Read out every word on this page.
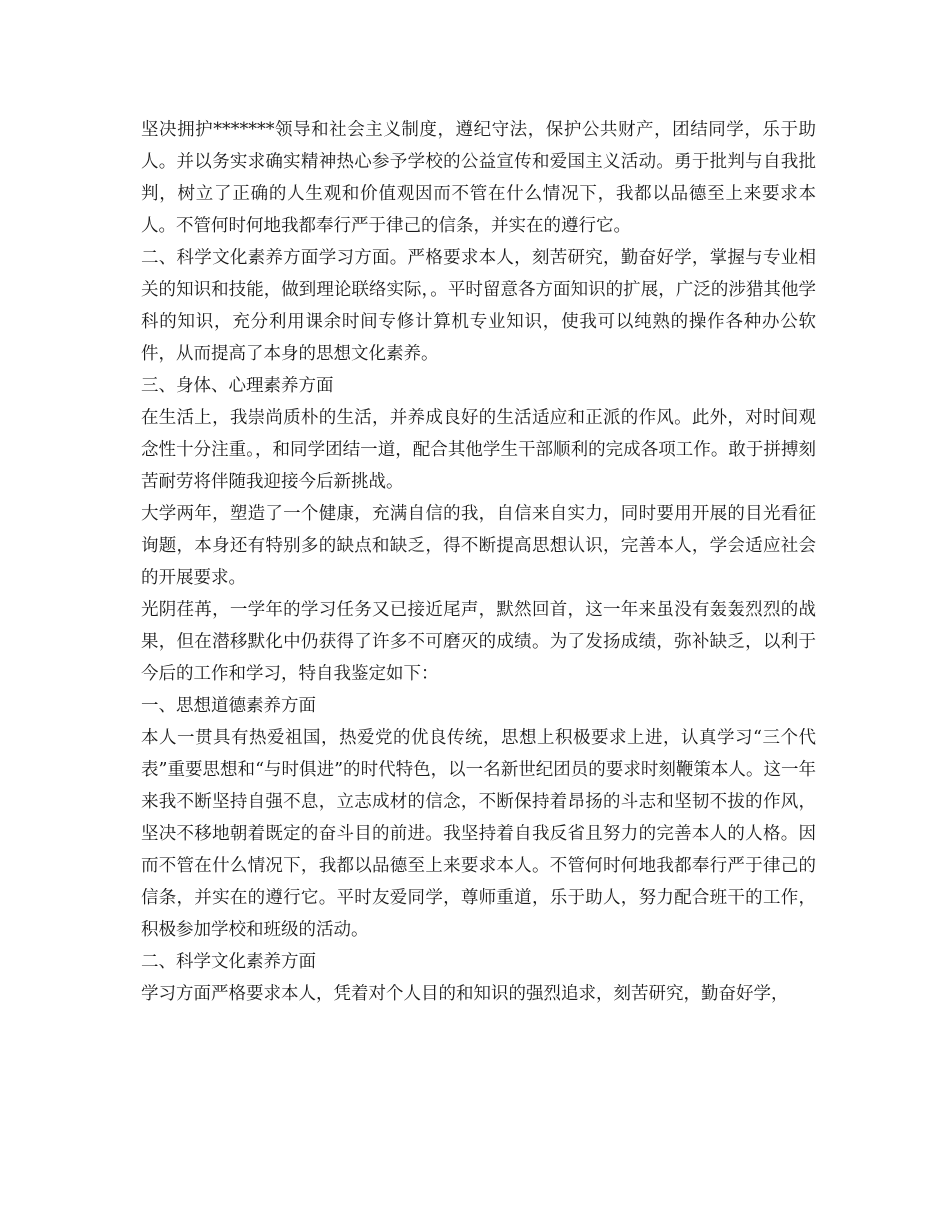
坚决拥护*******领导和社会主义制度，遵纪守法，保护公共财产，团结同学，乐于助人。并以务实求确实精神热心参予学校的公益宣传和爱国主义活动。勇于批判与自我批判，树立了正确的人生观和价值观因而不管在什么情况下，我都以品德至上来要求本人。不管何时何地我都奉行严于律己的信条，并实在的遵行它。

二、科学文化素养方面学习方面。严格要求本人，刻苦研究，勤奋好学，掌握与专业相关的知识和技能，做到理论联络实际，。平时留意各方面知识的扩展，广泛的涉猎其他学科的知识，充分利用课余时间专修计算机专业知识，使我可以纯熟的操作各种办公软件，从而提高了本身的思想文化素养。

三、身体、心理素养方面

在生活上，我崇尚质朴的生活，并养成良好的生活适应和正派的作风。此外，对时间观念性十分注重。，和同学团结一道，配合其他学生干部顺利的完成各项工作。敢于拼搏刻苦耐劳将伴随我迎接今后新挑战。

大学两年，塑造了一个健康，充满自信的我，自信来自实力，同时要用开展的目光看征询题，本身还有特别多的缺点和缺乏，得不断提高思想认识，完善本人，学会适应社会的开展要求。

光阴荏苒，一学年的学习任务又已接近尾声，默然回首，这一年来虽没有轰轰烈烈的战果，但在潜移默化中仍获得了许多不可磨灭的成绩。为了发扬成绩，弥补缺乏，以利于今后的工作和学习，特自我鉴定如下：

一、思想道德素养方面

本人一贯具有热爱祖国，热爱党的优良传统，思想上积极要求上进，认真学习“三个代表”重要思想和“与时俱进”的时代特色，以一名新世纪团员的要求时刻鞭策本人。这一年来我不断坚持自强不息，立志成材的信念，不断保持着昂扬的斗志和坚韧不拔的作风，坚决不移地朝着既定的奋斗目的前进。我坚持着自我反省且努力的完善本人的人格。因而不管在什么情况下，我都以品德至上来要求本人。不管何时何地我都奉行严于律己的信条，并实在的遵行它。平时友爱同学，尊师重道，乐于助人，努力配合班干的工作，积极参加学校和班级的活动。

二、科学文化素养方面

学习方面严格要求本人，凭着对个人目的和知识的强烈追求，刻苦研究，勤奋好学，
